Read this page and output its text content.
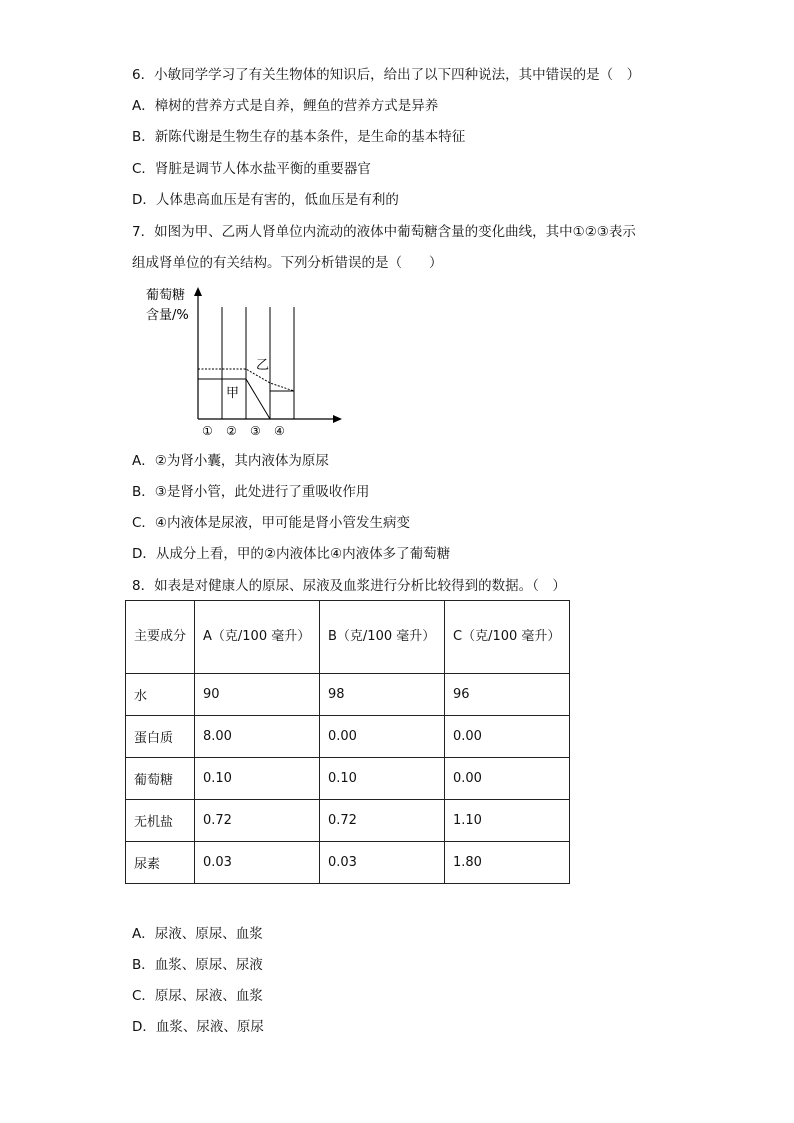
6．小敏同学学习了有关生物体的知识后，给出了以下四种说法，其中错误的是（　）
A．樟树的营养方式是自养，鲤鱼的营养方式是异养
B．新陈代谢是生物生存的基本条件，是生命的基本特征
C．肾脏是调节人体水盐平衡的重要器官
D．人体患高血压是有害的，低血压是有利的
7．如图为甲、乙两人肾单位内流动的液体中葡萄糖含量的变化曲线，其中①②③表示
组成肾单位的有关结构。下列分析错误的是（　　）
葡萄糖
含量/%
乙
甲
① ② ③ ④
A．②为肾小囊，其内液体为原尿
B．③是肾小管，此处进行了重吸收作用
C．④内液体是尿液，甲可能是肾小管发生病变
D．从成分上看，甲的②内液体比④内液体多了葡萄糖
8．如表是对健康人的原尿、尿液及血浆进行分析比较得到的数据。（　）
主要成分	A（克/100 毫升）	B（克/100 毫升）	C（克/100 毫升）
水	90	98	96
蛋白质	8.00	0.00	0.00
葡萄糖	0.10	0.10	0.00
无机盐	0.72	0.72	1.10
尿素	0.03	0.03	1.80
A．尿液、原尿、血浆
B．血浆、原尿、尿液
C．原尿、尿液、血浆
D．血浆、尿液、原尿
